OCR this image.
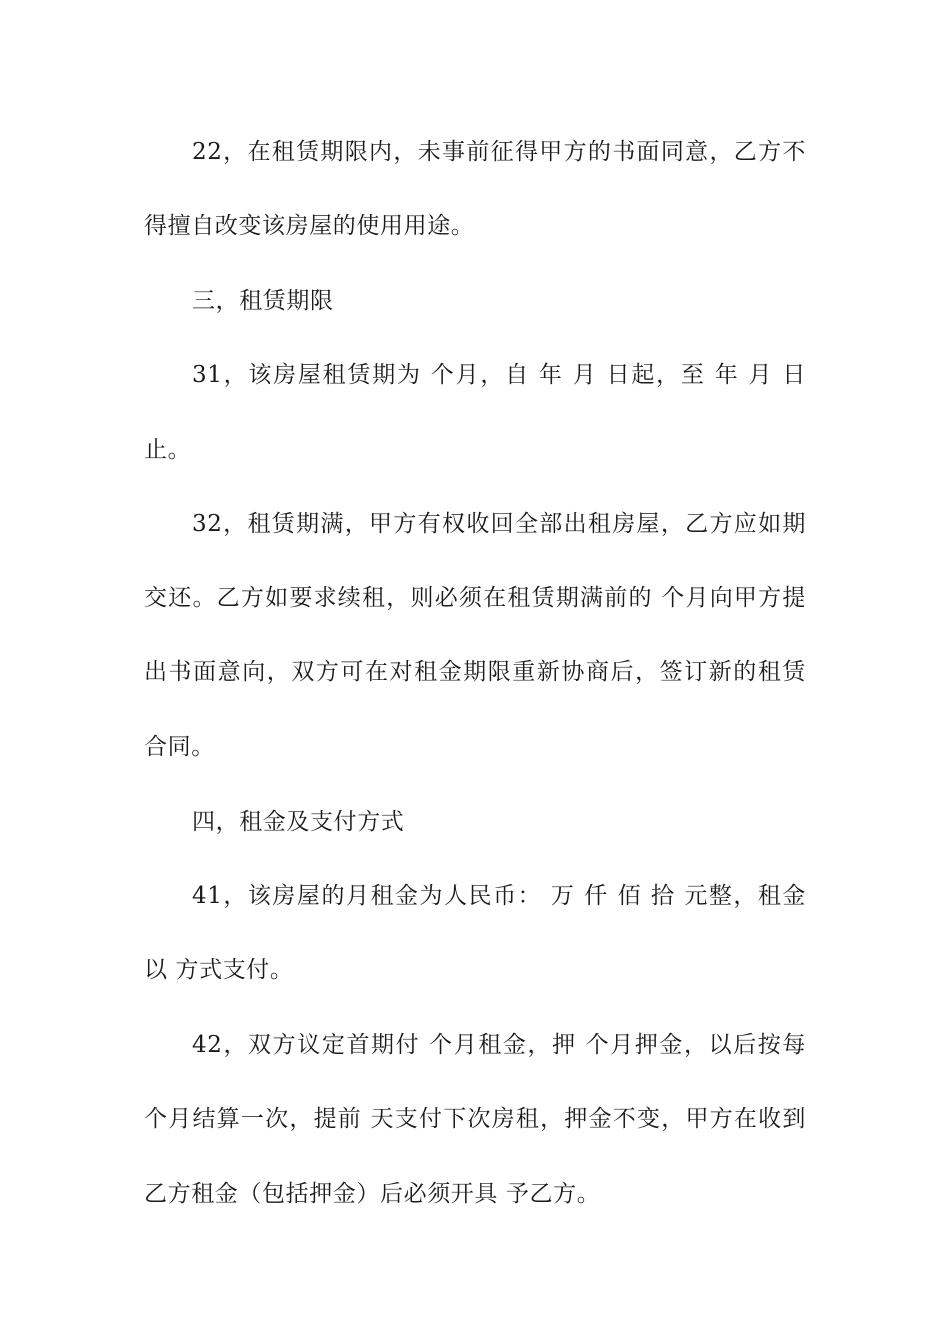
22，在租赁期限内，未事前征得甲方的书面同意，乙方不
得擅自改变该房屋的使用用途。
三，租赁期限
31，该房屋租赁期为 个月，自 年 月 日起，至 年 月 日
止。
32，租赁期满，甲方有权收回全部出租房屋，乙方应如期
交还。乙方如要求续租，则必须在租赁期满前的 个月向甲方提
出书面意向，双方可在对租金期限重新协商后，签订新的租赁
合同。
四，租金及支付方式
41，该房屋的月租金为人民币： 万 仟 佰 拾 元整，租金
以 方式支付。
42，双方议定首期付 个月租金，押 个月押金，以后按每
个月结算一次，提前 天支付下次房租，押金不变，甲方在收到
乙方租金（包括押金）后必须开具 予乙方。
